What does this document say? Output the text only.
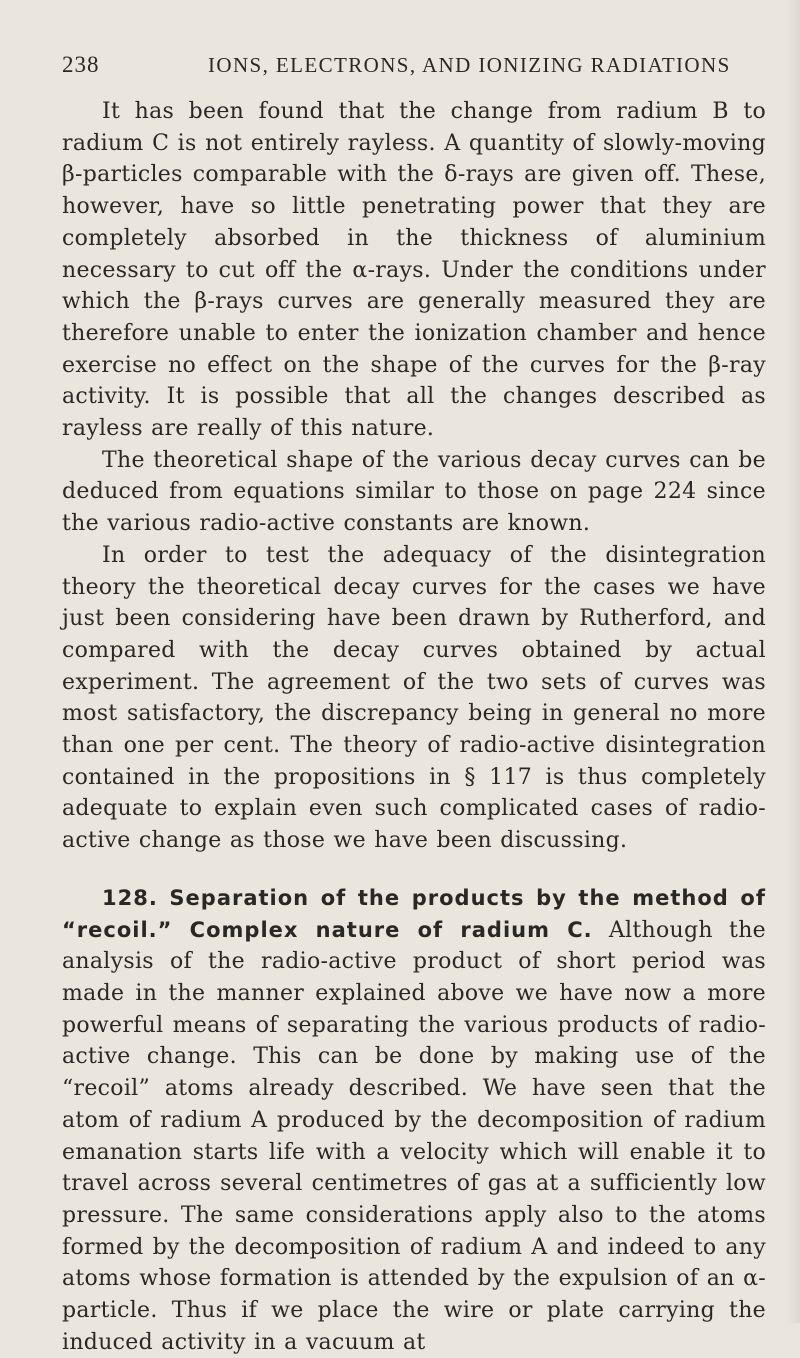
238	IONS, ELECTRONS, AND IONIZING RADIATIONS

It has been found that the change from radium B to radium C is not entirely rayless. A quantity of slowly-moving β-particles comparable with the δ-rays are given off. These, however, have so little penetrating power that they are completely absorbed in the thickness of aluminium necessary to cut off the α-rays. Under the conditions under which the β-rays curves are generally measured they are therefore unable to enter the ionization chamber and hence exercise no effect on the shape of the curves for the β-ray activity. It is possible that all the changes described as rayless are really of this nature.

The theoretical shape of the various decay curves can be deduced from equations similar to those on page 224 since the various radio-active constants are known.

In order to test the adequacy of the disintegration theory the theoretical decay curves for the cases we have just been considering have been drawn by Rutherford, and compared with the decay curves obtained by actual experiment. The agreement of the two sets of curves was most satisfactory, the discrepancy being in general no more than one per cent. The theory of radio-active disintegration contained in the propositions in § 117 is thus completely adequate to explain even such complicated cases of radio-active change as those we have been discussing.

128. Separation of the products by the method of “recoil.” Complex nature of radium C. Although the analysis of the radio-active product of short period was made in the manner explained above we have now a more powerful means of separating the various products of radio-active change. This can be done by making use of the “recoil” atoms already described. We have seen that the atom of radium A produced by the decomposition of radium emanation starts life with a velocity which will enable it to travel across several centimetres of gas at a sufficiently low pressure. The same considerations apply also to the atoms formed by the decomposition of radium A and indeed to any atoms whose formation is attended by the expulsion of an α-particle. Thus if we place the wire or plate carrying the induced activity in a vacuum at
